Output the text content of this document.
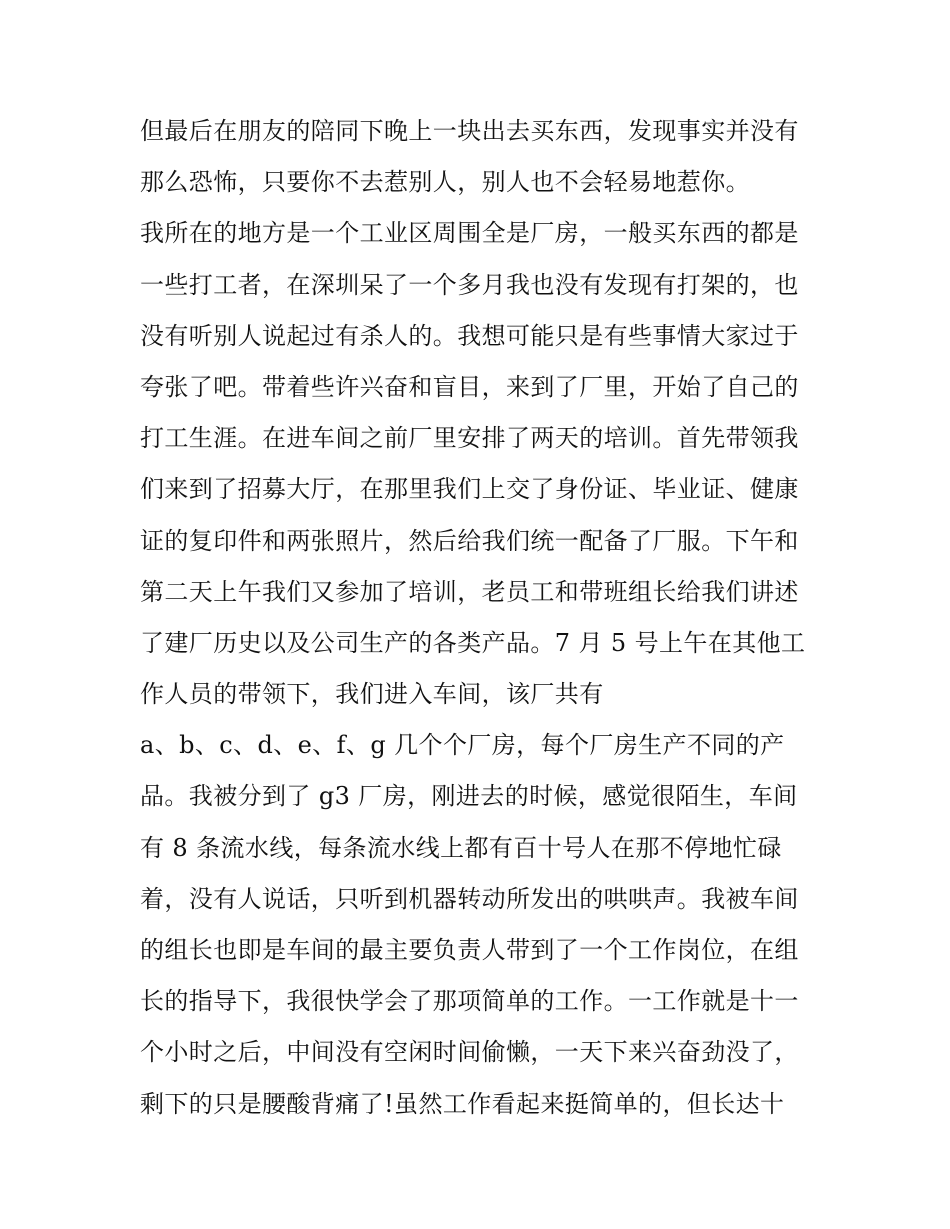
但最后在朋友的陪同下晚上一块出去买东西，发现事实并没有
那么恐怖，只要你不去惹别人，别人也不会轻易地惹你。
我所在的地方是一个工业区周围全是厂房，一般买东西的都是
一些打工者，在深圳呆了一个多月我也没有发现有打架的，也
没有听别人说起过有杀人的。我想可能只是有些事情大家过于
夸张了吧。带着些许兴奋和盲目，来到了厂里，开始了自己的
打工生涯。在进车间之前厂里安排了两天的培训。首先带领我
们来到了招募大厅，在那里我们上交了身份证、毕业证、健康
证的复印件和两张照片，然后给我们统一配备了厂服。下午和
第二天上午我们又参加了培训，老员工和带班组长给我们讲述
了建厂历史以及公司生产的各类产品。7 月 5 号上午在其他工
作人员的带领下，我们进入车间，该厂共有
a、b、c、d、e、f、g 几个个厂房，每个厂房生产不同的产
品。我被分到了 g3 厂房，刚进去的时候，感觉很陌生，车间
有 8 条流水线，每条流水线上都有百十号人在那不停地忙碌
着，没有人说话，只听到机器转动所发出的哄哄声。我被车间
的组长也即是车间的最主要负责人带到了一个工作岗位，在组
长的指导下，我很快学会了那项简单的工作。一工作就是十一
个小时之后，中间没有空闲时间偷懒，一天下来兴奋劲没了，
剩下的只是腰酸背痛了!虽然工作看起来挺简单的，但长达十
